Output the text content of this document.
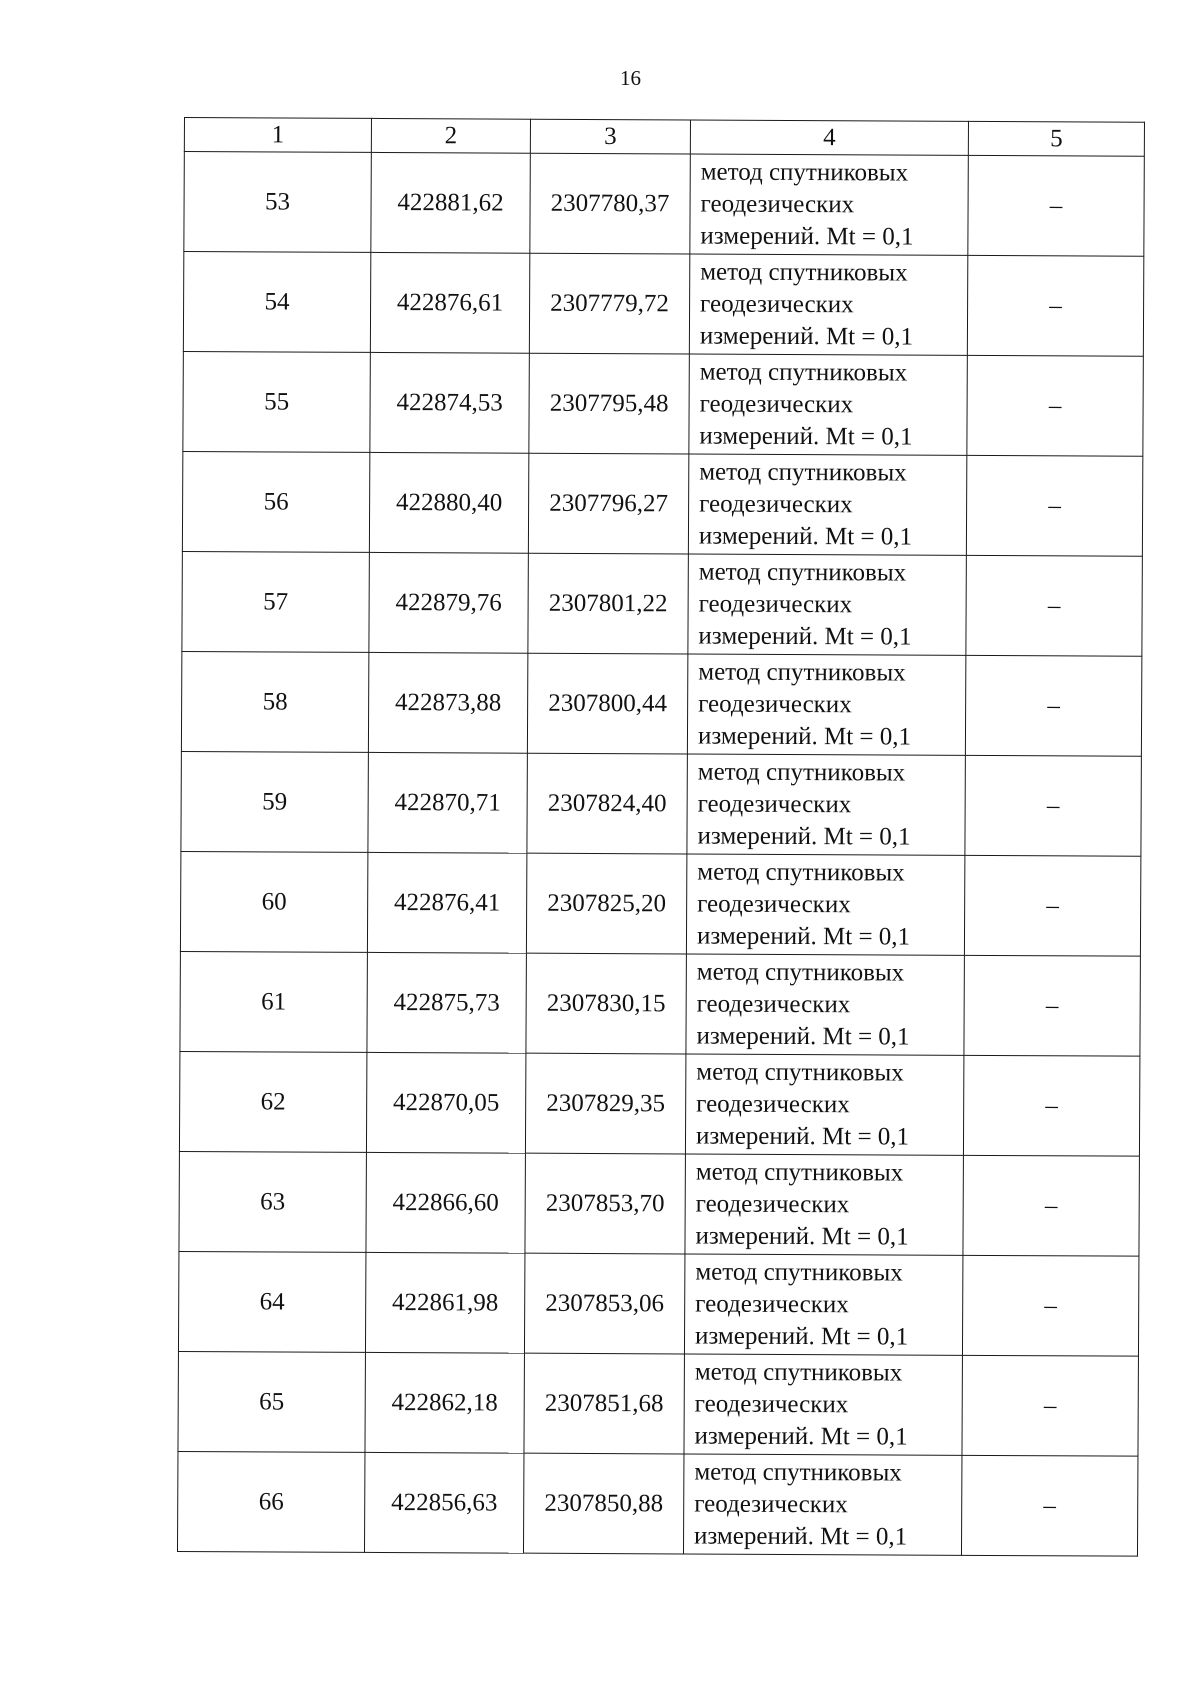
16
1	2	3	4	5
53	422881,62	2307780,37	метод спутниковых
геодезических
измерений. Mt = 0,1	–
54	422876,61	2307779,72	метод спутниковых
геодезических
измерений. Mt = 0,1	–
55	422874,53	2307795,48	метод спутниковых
геодезических
измерений. Mt = 0,1	–
56	422880,40	2307796,27	метод спутниковых
геодезических
измерений. Mt = 0,1	–
57	422879,76	2307801,22	метод спутниковых
геодезических
измерений. Mt = 0,1	–
58	422873,88	2307800,44	метод спутниковых
геодезических
измерений. Mt = 0,1	–
59	422870,71	2307824,40	метод спутниковых
геодезических
измерений. Mt = 0,1	–
60	422876,41	2307825,20	метод спутниковых
геодезических
измерений. Mt = 0,1	–
61	422875,73	2307830,15	метод спутниковых
геодезических
измерений. Mt = 0,1	–
62	422870,05	2307829,35	метод спутниковых
геодезических
измерений. Mt = 0,1	–
63	422866,60	2307853,70	метод спутниковых
геодезических
измерений. Mt = 0,1	–
64	422861,98	2307853,06	метод спутниковых
геодезических
измерений. Mt = 0,1	–
65	422862,18	2307851,68	метод спутниковых
геодезических
измерений. Mt = 0,1	–
66	422856,63	2307850,88	метод спутниковых
геодезических
измерений. Mt = 0,1	–
